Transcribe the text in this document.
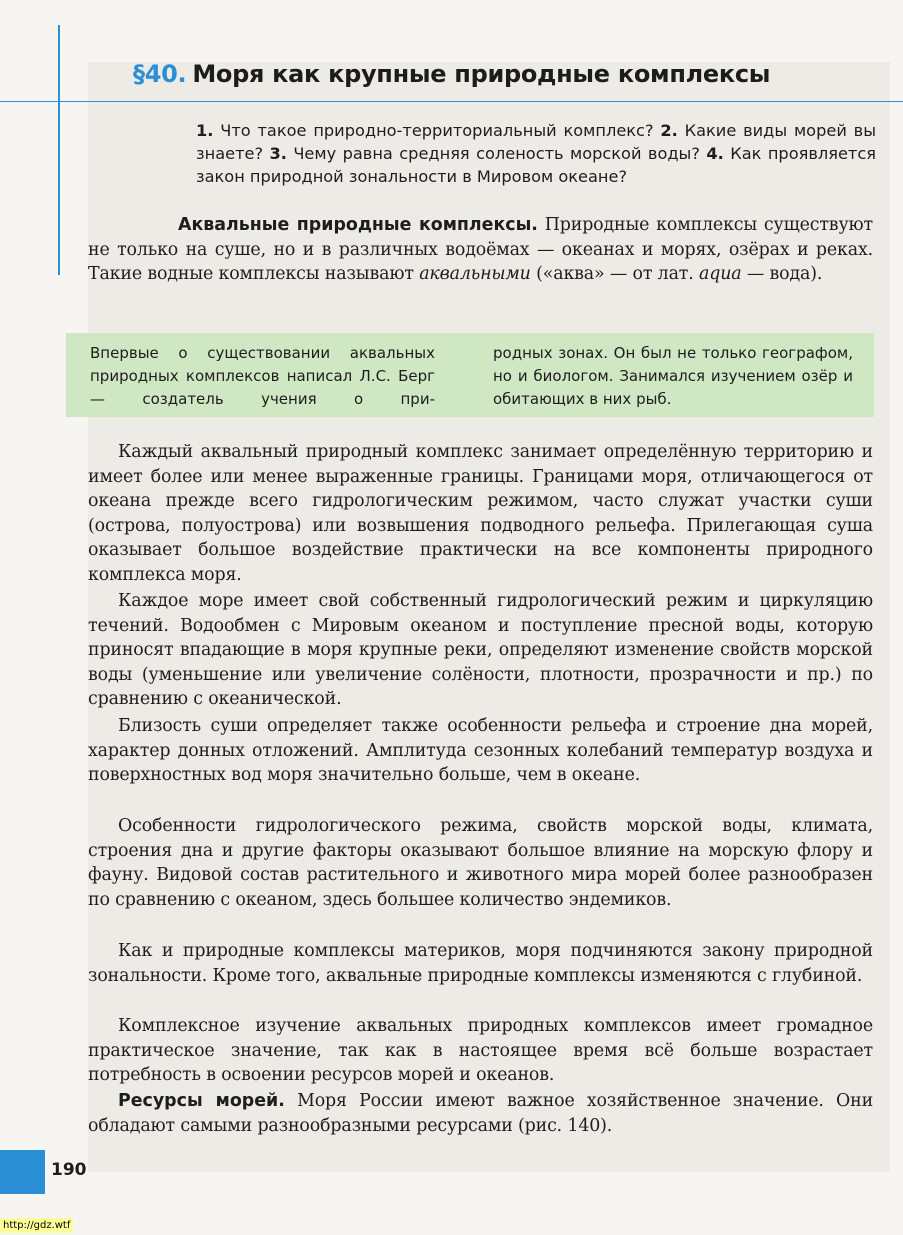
§40. Моря как крупные природные комплексы

1. Что такое природно-территориальный комплекс? 2. Какие виды морей вы знаете? 3. Чему равна средняя соленость морской воды? 4. Как проявляется закон природной зональности в Мировом океане?

Аквальные природные комплексы. Природные комплексы существуют не только на суше, но и в различных водоёмах — океанах и морях, озёрах и реках. Такие водные комплексы называют аквальными («аква» — от лат. aqua — вода).

Впервые о существовании аквальных природных комплексов написал Л.С. Берг — создатель учения о при-
родных зонах. Он был не только географом, но и биологом. Занимался изучением озёр и обитающих в них рыб.

Каждый аквальный природный комплекс занимает определённую территорию и имеет более или менее выраженные границы. Границами моря, отличающегося от океана прежде всего гидрологическим режимом, часто служат участки суши (острова, полуострова) или возвышения подводного рельефа. Прилегающая суша оказывает большое воздействие практически на все компоненты природного комплекса моря.

Каждое море имеет свой собственный гидрологический режим и циркуляцию течений. Водообмен с Мировым океаном и поступление пресной воды, которую приносят впадающие в моря крупные реки, определяют изменение свойств морской воды (уменьшение или увеличение солёности, плотности, прозрачности и пр.) по сравнению с океанической.

Близость суши определяет также особенности рельефа и строение дна морей, характер донных отложений. Амплитуда сезонных колебаний температур воздуха и поверхностных вод моря значительно больше, чем в океане.

Особенности гидрологического режима, свойств морской воды, климата, строения дна и другие факторы оказывают большое влияние на морскую флору и фауну. Видовой состав растительного и животного мира морей более разнообразен по сравнению с океаном, здесь большее количество эндемиков.

Как и природные комплексы материков, моря подчиняются закону природной зональности. Кроме того, аквальные природные комплексы изменяются с глубиной.

Комплексное изучение аквальных природных комплексов имеет громадное практическое значение, так как в настоящее время всё больше возрастает потребность в освоении ресурсов морей и океанов.

Ресурсы морей. Моря России имеют важное хозяйственное значение. Они обладают самыми разнообразными ресурсами (рис. 140).

190
http://gdz.wtf
